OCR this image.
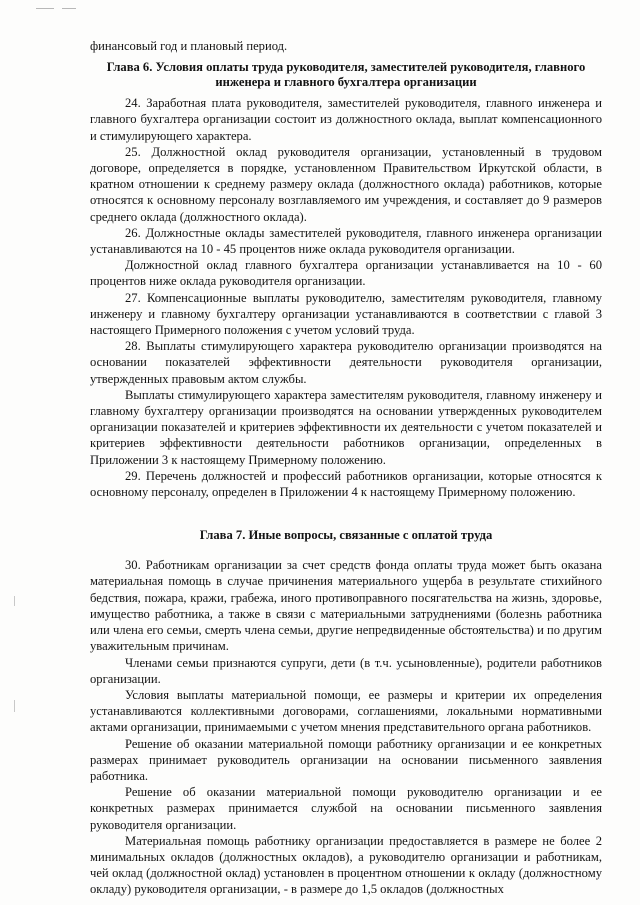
финансовый год и плановый период.

Глава 6. Условия оплаты труда руководителя, заместителей руководителя, главного инженера и главного бухгалтера организации

24. Заработная плата руководителя, заместителей руководителя, главного инженера и главного бухгалтера организации состоит из должностного оклада, выплат компенсационного и стимулирующего характера.

25. Должностной оклад руководителя организации, установленный в трудовом договоре, определяется в порядке, установленном Правительством Иркутской области, в кратном отношении к среднему размеру оклада (должностного оклада) работников, которые относятся к основному персоналу возглавляемого им учреждения, и составляет до 9 размеров среднего оклада (должностного оклада).

26. Должностные оклады заместителей руководителя, главного инженера организации устанавливаются на 10 - 45 процентов ниже оклада руководителя организации.

Должностной оклад главного бухгалтера организации устанавливается на 10 - 60 процентов ниже оклада руководителя организации.

27. Компенсационные выплаты руководителю, заместителям руководителя, главному инженеру и главному бухгалтеру организации устанавливаются в соответствии с главой 3 настоящего Примерного положения с учетом условий труда.

28. Выплаты стимулирующего характера руководителю организации производятся на основании показателей эффективности деятельности руководителя организации, утвержденных правовым актом службы.

Выплаты стимулирующего характера заместителям руководителя, главному инженеру и главному бухгалтеру организации производятся на основании утвержденных руководителем организации показателей и критериев эффективности их деятельности с учетом показателей и критериев эффективности деятельности работников организации, определенных в Приложении 3 к настоящему Примерному положению.

29. Перечень должностей и профессий работников организации, которые относятся к основному персоналу, определен в Приложении 4 к настоящему Примерному положению.

Глава 7. Иные вопросы, связанные с оплатой труда

30. Работникам организации за счет средств фонда оплаты труда может быть оказана материальная помощь в случае причинения материального ущерба в результате стихийного бедствия, пожара, кражи, грабежа, иного противоправного посягательства на жизнь, здоровье, имущество работника, а также в связи с материальными затруднениями (болезнь работника или члена его семьи, смерть члена семьи, другие непредвиденные обстоятельства) и по другим уважительным причинам.

Членами семьи признаются супруги, дети (в т.ч. усыновленные), родители работников организации.

Условия выплаты материальной помощи, ее размеры и критерии их определения устанавливаются коллективными договорами, соглашениями, локальными нормативными актами организации, принимаемыми с учетом мнения представительного органа работников.

Решение об оказании материальной помощи работнику организации и ее конкретных размерах принимает руководитель организации на основании письменного заявления работника.

Решение об оказании материальной помощи руководителю организации и ее конкретных размерах принимается службой на основании письменного заявления руководителя организации.

Материальная помощь работнику организации предоставляется в размере не более 2 минимальных окладов (должностных окладов), а руководителю организации и работникам, чей оклад (должностной оклад) установлен в процентном отношении к окладу (должностному окладу) руководителя организации, - в размере до 1,5 окладов (должностных
